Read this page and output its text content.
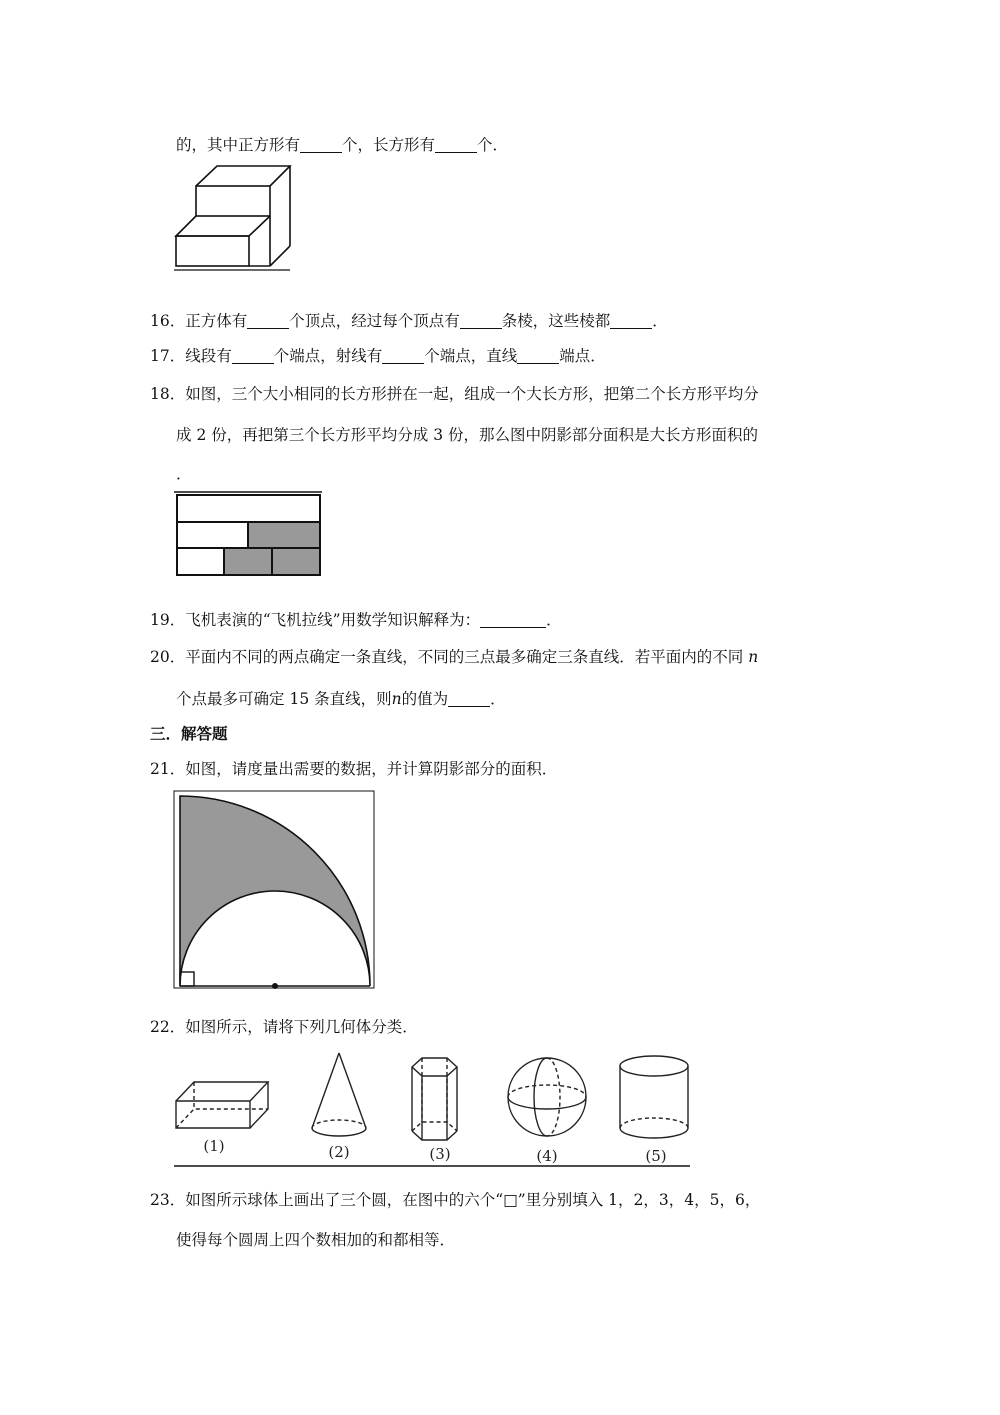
的，其中正方形有	个，长方形有	个．
16．正方体有	个顶点，经过每个顶点有	条棱，这些棱都	．
17．线段有	个端点，射线有	个端点，直线	端点．
18．如图，三个大小相同的长方形拼在一起，组成一个大长方形，把第二个长方形平均分
成 2 份，再把第三个长方形平均分成 3 份，那么图中阴影部分面积是大长方形面积的
．
19．飞机表演的“飞机拉线”用数学知识解释为：	．
20．平面内不同的两点确定一条直线，不同的三点最多确定三条直线．若平面内的不同 n
个点最多可确定 15 条直线，则n的值为	．
三．解答题
21．如图，请度量出需要的数据，并计算阴影部分的面积．
22．如图所示，请将下列几何体分类．
(1)	(2)	(3)	(4)	(5)
23．如图所示球体上画出了三个圆，在图中的六个“□”里分别填入 1，2，3，4，5，6，
使得每个圆周上四个数相加的和都相等．
